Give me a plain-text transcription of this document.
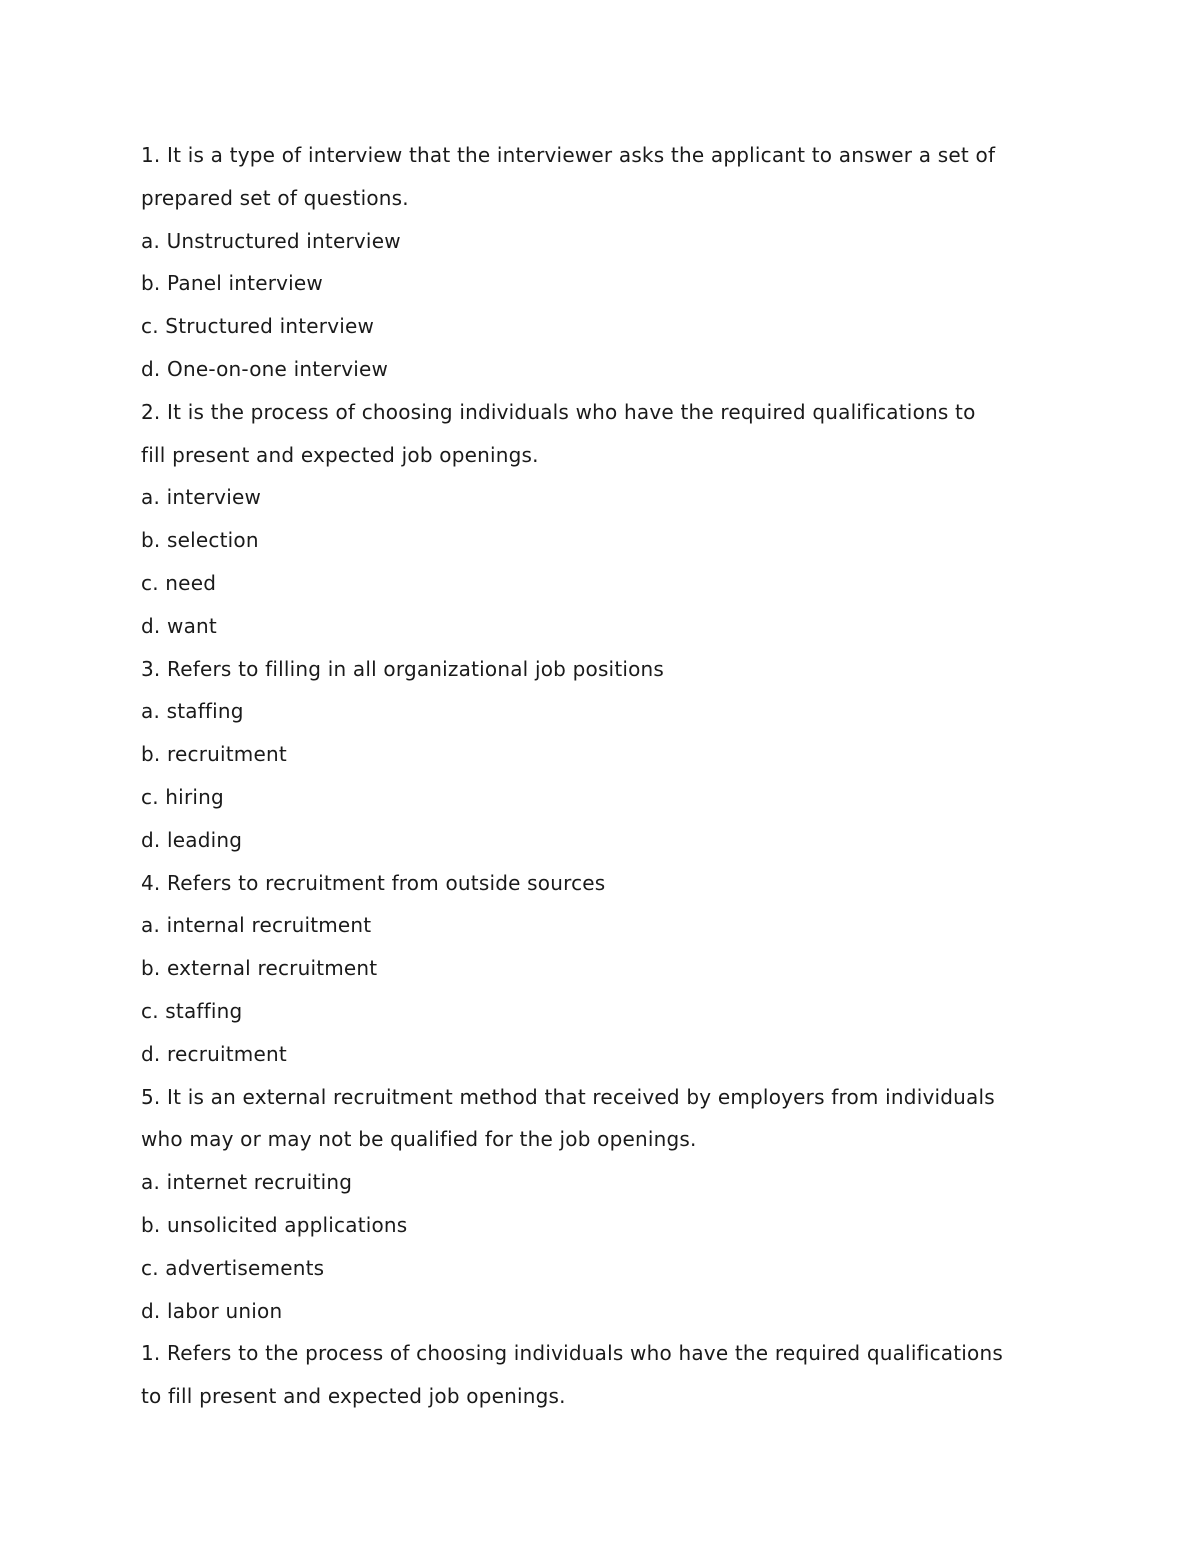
1. It is a type of interview that the interviewer asks the applicant to answer a set of
prepared set of questions.
a. Unstructured interview
b. Panel interview
c. Structured interview
d. One-on-one interview
2. It is the process of choosing individuals who have the required qualifications to
fill present and expected job openings.
a. interview
b. selection
c. need
d. want
3. Refers to filling in all organizational job positions
a. staffing
b. recruitment
c. hiring
d. leading
4. Refers to recruitment from outside sources
a. internal recruitment
b. external recruitment
c. staffing
d. recruitment
5. It is an external recruitment method that received by employers from individuals
who may or may not be qualified for the job openings.
a. internet recruiting
b. unsolicited applications
c. advertisements
d. labor union
1. Refers to the process of choosing individuals who have the required qualifications
to fill present and expected job openings.
